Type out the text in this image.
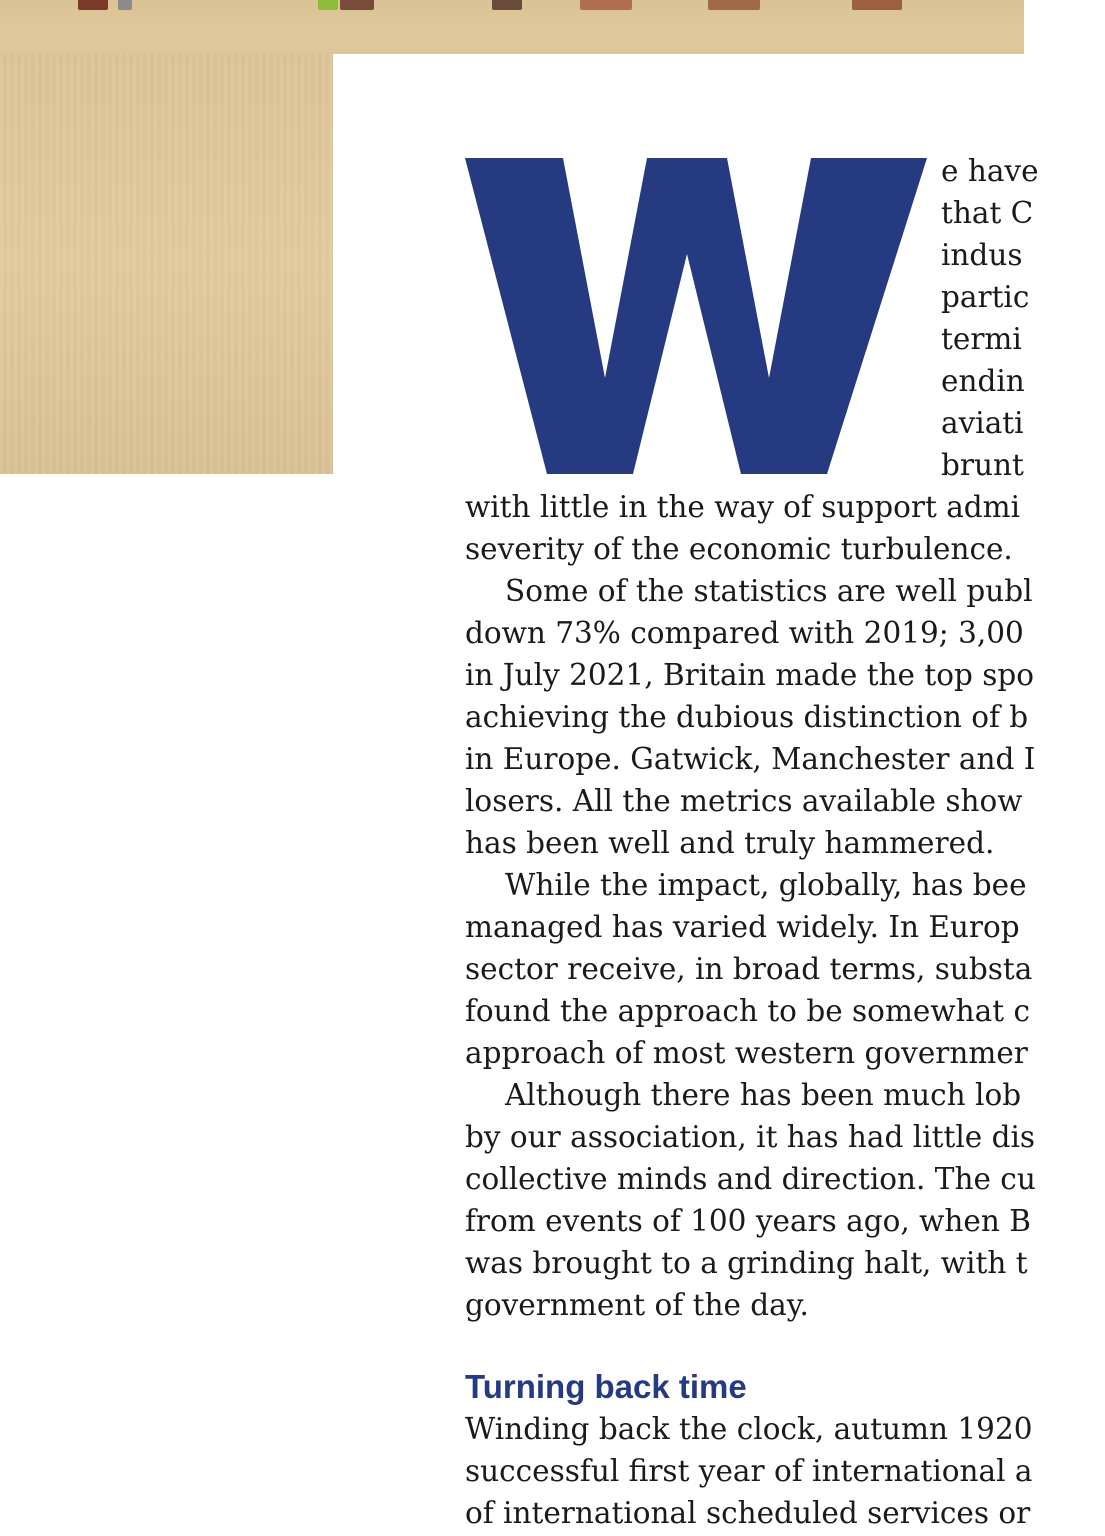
e have
that C
indus
partic
termi
endin
aviati
brunt
with little in the way of support admi
severity of the economic turbulence.
Some of the statistics are well publ
down 73% compared with 2019; 3,00
in July 2021, Britain made the top spo
achieving the dubious distinction of b
in Europe. Gatwick, Manchester and I
losers. All the metrics available show
has been well and truly hammered.
While the impact, globally, has bee
managed has varied widely. In Europ
sector receive, in broad terms, substa
found the approach to be somewhat c
approach of most western governmer
Although there has been much lob
by our association, it has had little dis
collective minds and direction. The cu
from events of 100 years ago, when B
was brought to a grinding halt, with t
government of the day.
Turning back time
Winding back the clock, autumn 1920
successful first year of international a
of international scheduled services or
